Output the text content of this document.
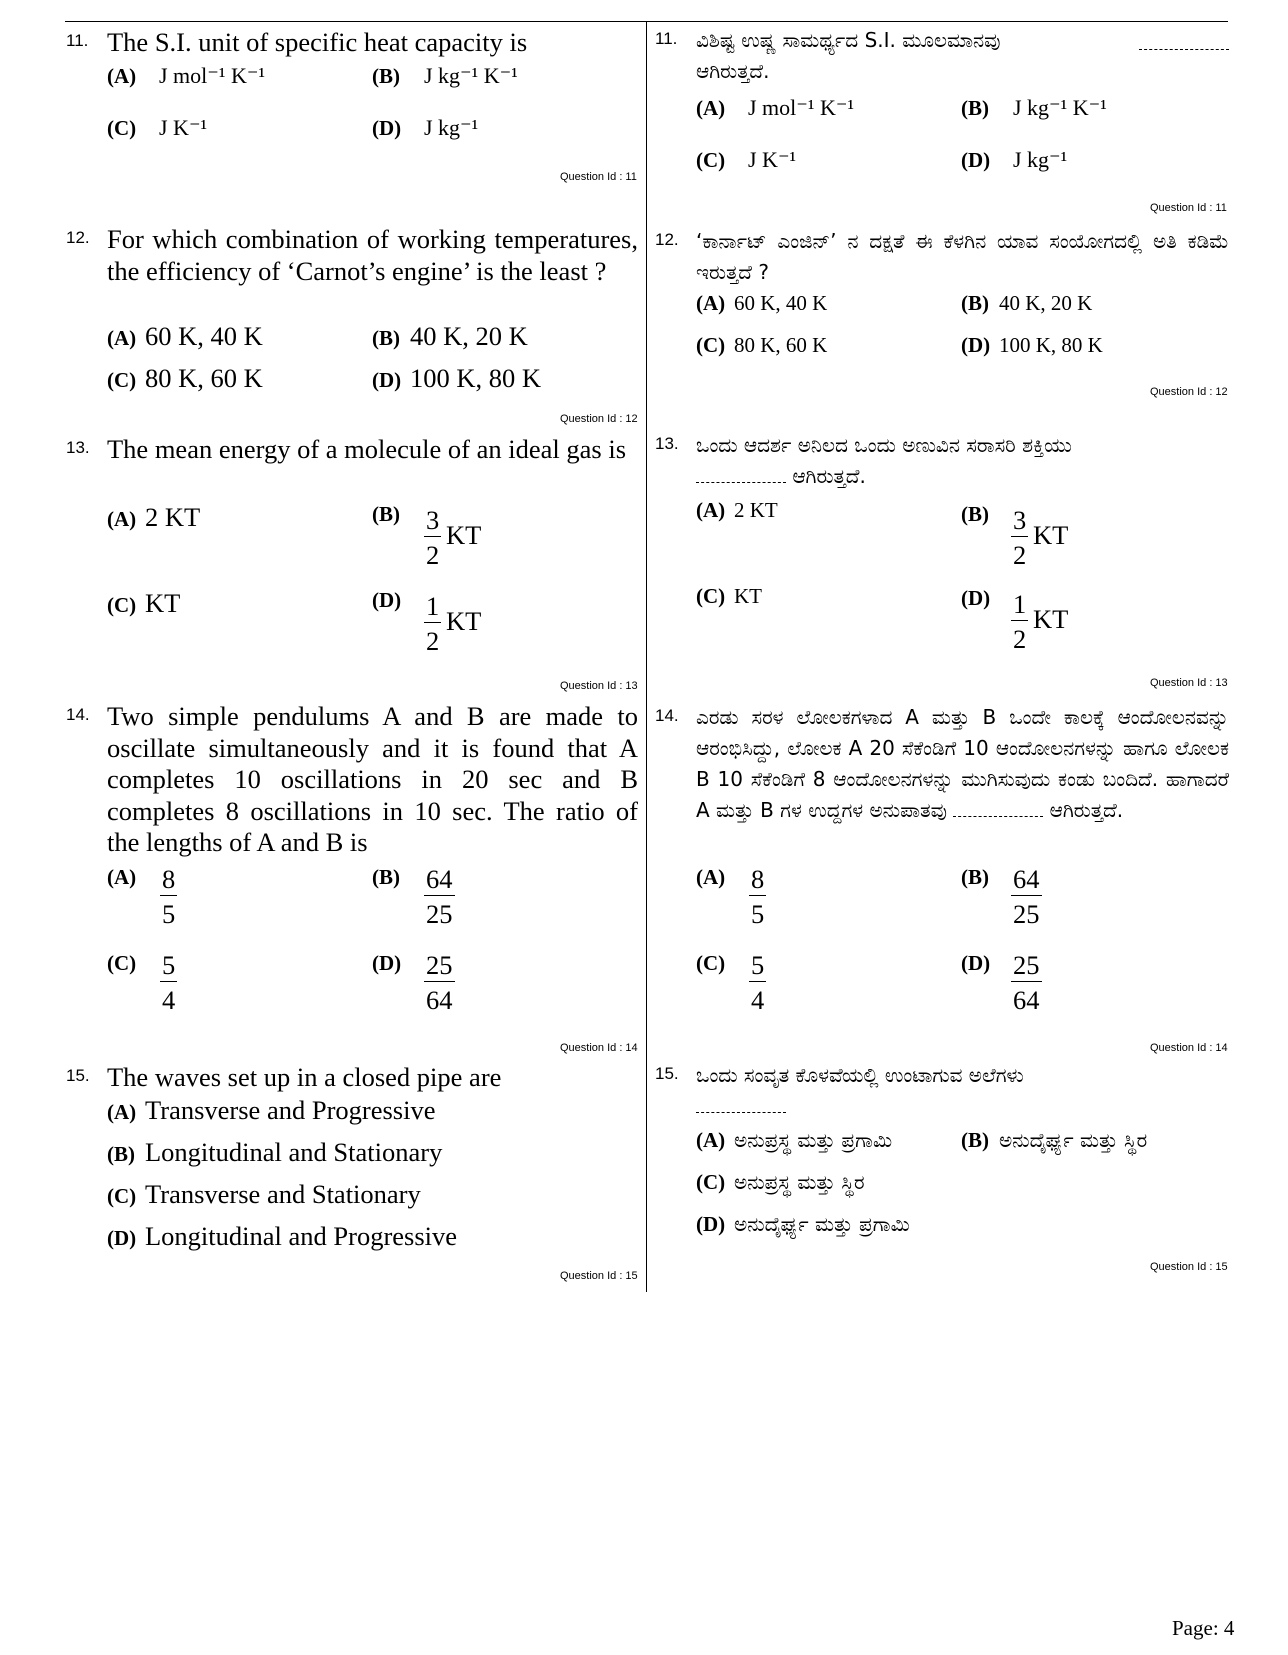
11. The S.I. unit of specific heat capacity is
(A) J mol⁻¹ K⁻¹	(B) J kg⁻¹ K⁻¹
(C) J K⁻¹	(D) J kg⁻¹
Question Id : 11
12. For which combination of working temperatures, the efficiency of ‘Carnot’s engine’ is the least ?
(A) 60 K, 40 K	(B) 40 K, 20 K
(C) 80 K, 60 K	(D) 100 K, 80 K
Question Id : 12
13. The mean energy of a molecule of an ideal gas is
(A) 2 KT	$(B) \frac{3}{2}$ KT
(C) KT	$(D) \frac{1}{2}$ KT
Question Id : 13
14. Two simple pendulums A and B are made to oscillate simultaneously and it is found that A completes 10 oscillations in 20 sec and B completes 8 oscillations in 10 sec. The ratio of the lengths of A and B is
$(A) \frac{8}{5}$	$(B) \frac{64}{25}$
$(C) \frac{5}{4}$	$(D) \frac{25}{64}$
Question Id : 14
15. The waves set up in a closed pipe are
(A) Transverse and Progressive
(B) Longitudinal and Stationary
(C) Transverse and Stationary
(D) Longitudinal and Progressive
Question Id : 15
11. ವಿಶಿಷ್ಟ ಉಷ್ಣ ಸಾಮರ್ಥ್ಯದ S.I. ಮೂಲಮಾನವು

ಆಗಿರುತ್ತದೆ.
(A) J mol⁻¹ K⁻¹	(B) J kg⁻¹ K⁻¹
(C) J K⁻¹	(D) J kg⁻¹
Question Id : 11
12. ‘ಕಾರ್ನಾಟ್ ಎಂಜಿನ್’ ನ ದಕ್ಷತೆ ಈ ಕೆಳಗಿನ ಯಾವ ಸಂಯೋಗದಲ್ಲಿ ಅತಿ ಕಡಿಮೆ ಇರುತ್ತದೆ ?
(A) 60 K, 40 K	(B) 40 K, 20 K
(C) 80 K, 60 K	(D) 100 K, 80 K
Question Id : 12
13. ಒಂದು ಆದರ್ಶ ಅನಿಲದ ಒಂದು ಅಣುವಿನ ಸರಾಸರಿ ಶಕ್ತಿಯು
ಆಗಿರುತ್ತದೆ.
(A) 2 KT	$(B) \frac{3}{2}$ KT
(C) KT	$(D) \frac{1}{2}$ KT
Question Id : 13
14. ಎರಡು ಸರಳ ಲೋಲಕಗಳಾದ A ಮತ್ತು B ಒಂದೇ ಕಾಲಕ್ಕೆ ಆಂದೋಲನವನ್ನು ಆರಂಭಿಸಿದ್ದು, ಲೋಲಕ A 20 ಸೆಕೆಂಡಿಗೆ 10 ಆಂದೋಲನಗಳನ್ನು ಹಾಗೂ ಲೋಲಕ B 10 ಸೆಕೆಂಡಿಗೆ 8 ಆಂದೋಲನಗಳನ್ನು ಮುಗಿಸುವುದು ಕಂಡು ಬಂದಿದೆ. ಹಾಗಾದರೆ A ಮತ್ತು B ಗಳ ಉದ್ದಗಳ ಅನುಪಾತವು	ಆಗಿರುತ್ತದೆ.
$(A) \frac{8}{5}$	$(B) \frac{64}{25}$
$(C) \frac{5}{4}$	$(D) \frac{25}{64}$
Question Id : 14
15. ಒಂದು ಸಂವೃತ ಕೊಳವೆಯಲ್ಲಿ ಉಂಟಾಗುವ ಅಲೆಗಳು

(A) ಅನುಪ್ರಸ್ಥ ಮತ್ತು ಪ್ರಗಾಮಿ	(B) ಅನುದೈರ್ಘ್ಯ ಮತ್ತು ಸ್ಥಿರ
(C) ಅನುಪ್ರಸ್ಥ ಮತ್ತು ಸ್ಥಿರ
(D) ಅನುದೈರ್ಘ್ಯ ಮತ್ತು ಪ್ರಗಾಮಿ
Question Id : 15
Page: 4
